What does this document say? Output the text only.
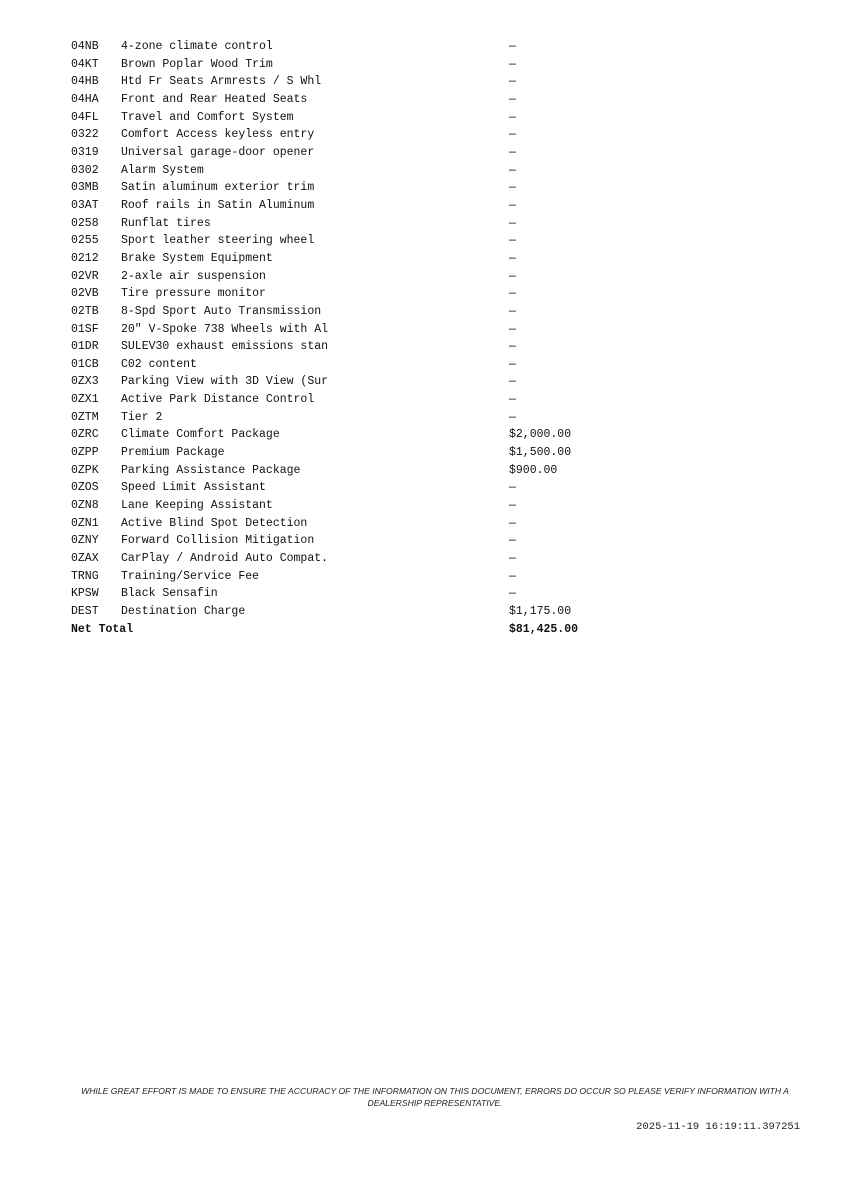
04NB	4-zone climate control	—
04KT	Brown Poplar Wood Trim	—
04HB	Htd Fr Seats Armrests / S Whl	—
04HA	Front and Rear Heated Seats	—
04FL	Travel and Comfort System	—
0322	Comfort Access keyless entry	—
0319	Universal garage-door opener	—
0302	Alarm System	—
03MB	Satin aluminum exterior trim	—
03AT	Roof rails in Satin Aluminum	—
0258	Runflat tires	—
0255	Sport leather steering wheel	—
0212	Brake System Equipment	—
02VR	2-axle air suspension	—
02VB	Tire pressure monitor	—
02TB	8-Spd Sport Auto Transmission	—
01SF	20" V-Spoke 738 Wheels with Al	—
01DR	SULEV30 exhaust emissions stan	—
01CB	C02 content	—
0ZX3	Parking View with 3D View (Sur	—
0ZX1	Active Park Distance Control	—
0ZTM	Tier 2	—
0ZRC	Climate Comfort Package	$2,000.00
0ZPP	Premium Package	$1,500.00
0ZPK	Parking Assistance Package	$900.00
0ZOS	Speed Limit Assistant	—
0ZN8	Lane Keeping Assistant	—
0ZN1	Active Blind Spot Detection	—
0ZNY	Forward Collision Mitigation	—
0ZAX	CarPlay / Android Auto Compat.	—
TRNG	Training/Service Fee	—
KPSW	Black Sensafin	—
DEST	Destination Charge	$1,175.00
Net Total		$81,425.00
WHILE GREAT EFFORT IS MADE TO ENSURE THE ACCURACY OF THE INFORMATION ON THIS DOCUMENT, ERRORS DO OCCUR SO PLEASE VERIFY INFORMATION WITH A DEALERSHIP REPRESENTATIVE.
2025-11-19 16:19:11.397251
